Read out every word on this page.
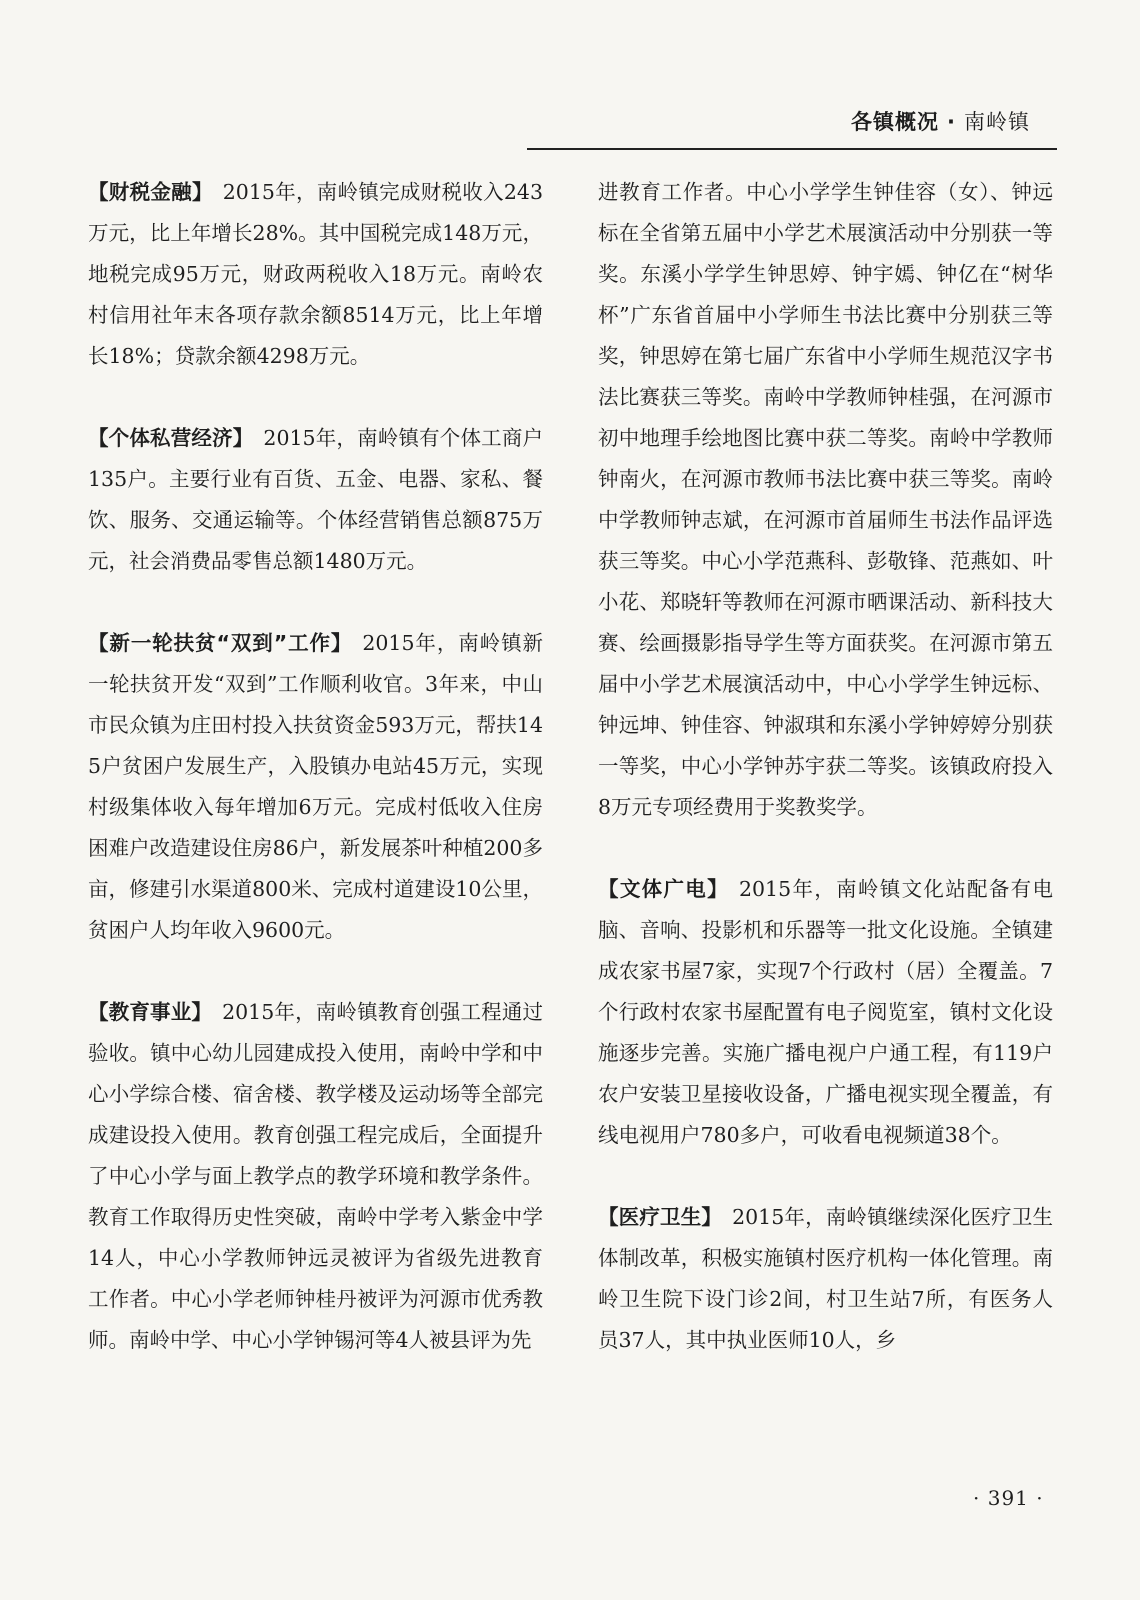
各镇概况 · 南岭镇

【财税金融】 2015年，南岭镇完成财税收入243万元，比上年增长28%。其中国税完成148万元，地税完成95万元，财政两税收入18万元。南岭农村信用社年末各项存款余额8514万元，比上年增长18%；贷款余额4298万元。

【个体私营经济】 2015年，南岭镇有个体工商户135户。主要行业有百货、五金、电器、家私、餐饮、服务、交通运输等。个体经营销售总额875万元，社会消费品零售总额1480万元。

【新一轮扶贫“双到”工作】 2015年，南岭镇新一轮扶贫开发“双到”工作顺利收官。3年来，中山市民众镇为庄田村投入扶贫资金593万元，帮扶145户贫困户发展生产，入股镇办电站45万元，实现村级集体收入每年增加6万元。完成村低收入住房困难户改造建设住房86户，新发展茶叶种植200多亩，修建引水渠道800米、完成村道建设10公里，贫困户人均年收入9600元。

【教育事业】 2015年，南岭镇教育创强工程通过验收。镇中心幼儿园建成投入使用，南岭中学和中心小学综合楼、宿舍楼、教学楼及运动场等全部完成建设投入使用。教育创强工程完成后，全面提升了中心小学与面上教学点的教学环境和教学条件。教育工作取得历史性突破，南岭中学考入紫金中学14人，中心小学教师钟远灵被评为省级先进教育工作者。中心小学老师钟桂丹被评为河源市优秀教师。南岭中学、中心小学钟锡河等4人被县评为先

进教育工作者。中心小学学生钟佳容（女）、钟远标在全省第五届中小学艺术展演活动中分别获一等奖。东溪小学学生钟思婷、钟宇嫣、钟亿在“树华杯”广东省首届中小学师生书法比赛中分别获三等奖，钟思婷在第七届广东省中小学师生规范汉字书法比赛获三等奖。南岭中学教师钟桂强，在河源市初中地理手绘地图比赛中获二等奖。南岭中学教师钟南火，在河源市教师书法比赛中获三等奖。南岭中学教师钟志斌，在河源市首届师生书法作品评选获三等奖。中心小学范燕科、彭敬锋、范燕如、叶小花、郑晓轩等教师在河源市晒课活动、新科技大赛、绘画摄影指导学生等方面获奖。在河源市第五届中小学艺术展演活动中，中心小学学生钟远标、钟远坤、钟佳容、钟淑琪和东溪小学钟婷婷分别获一等奖，中心小学钟苏宇获二等奖。该镇政府投入8万元专项经费用于奖教奖学。

【文体广电】 2015年，南岭镇文化站配备有电脑、音响、投影机和乐器等一批文化设施。全镇建成农家书屋7家，实现7个行政村（居）全覆盖。7个行政村农家书屋配置有电子阅览室，镇村文化设施逐步完善。实施广播电视户户通工程，有119户农户安装卫星接收设备，广播电视实现全覆盖，有线电视用户780多户，可收看电视频道38个。

【医疗卫生】 2015年，南岭镇继续深化医疗卫生体制改革，积极实施镇村医疗机构一体化管理。南岭卫生院下设门诊2间，村卫生站7所，有医务人员37人，其中执业医师10人，乡

· 391 ·
